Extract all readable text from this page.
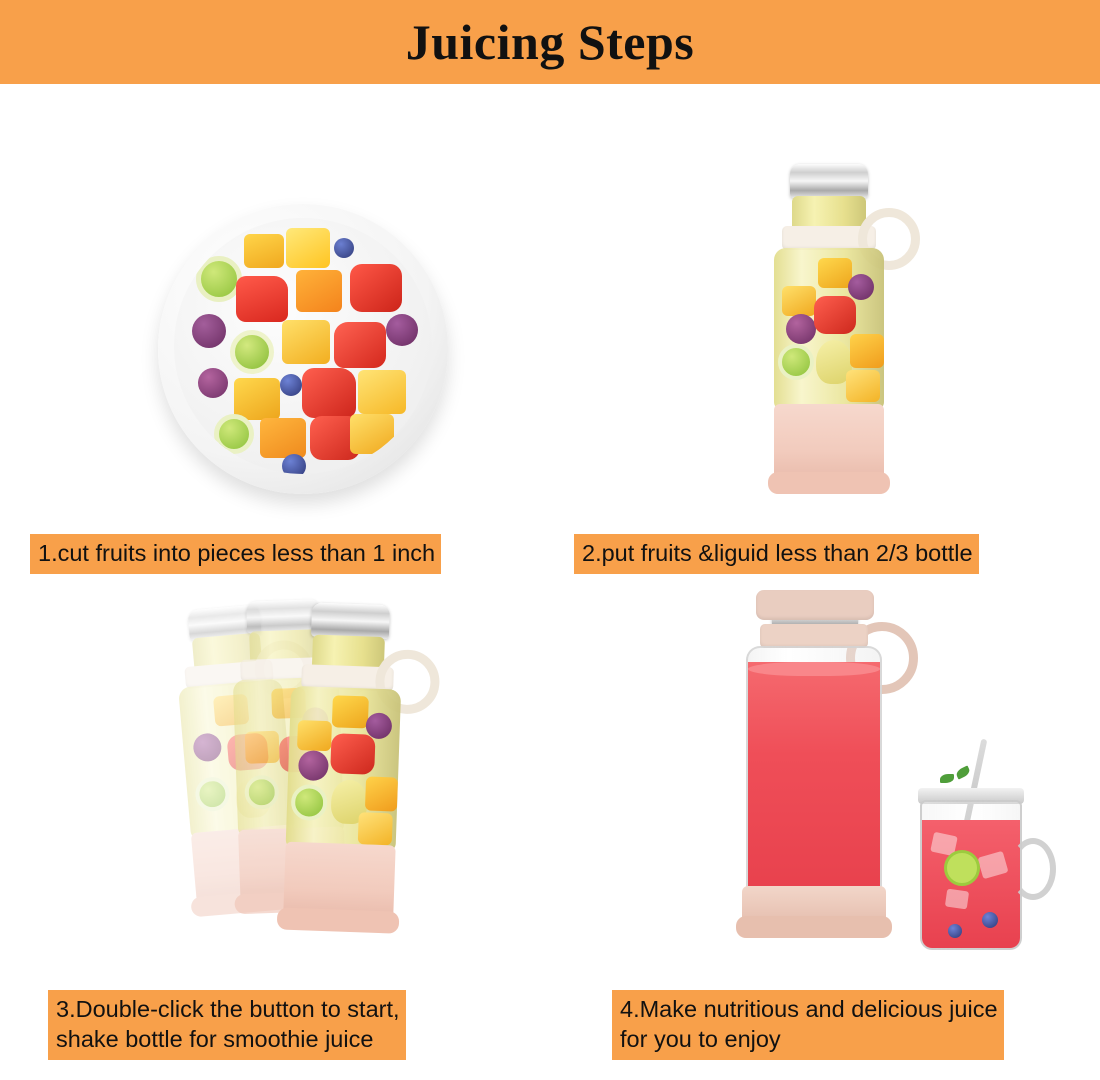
Juicing Steps
1.cut fruits into pieces less than 1 inch	2.put fruits &liguid less than 2/3 bottle
3.Double-click the button to start,
shake bottle for smoothie juice
4.Make nutritious and delicious juice
for you to enjoy
